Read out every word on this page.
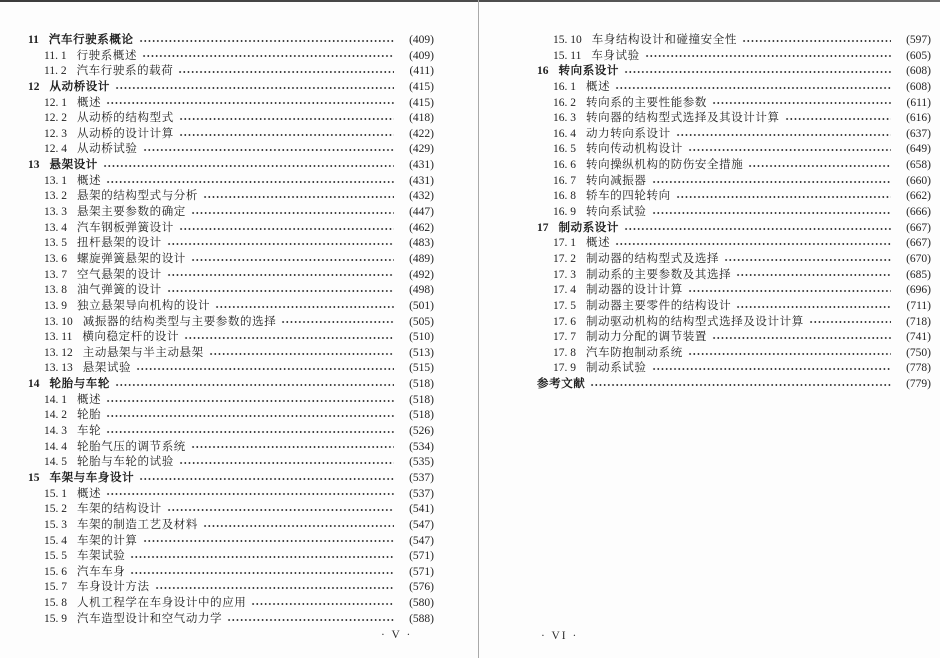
11 汽车行驶系概论	(409)
11. 1 行驶系概述	(409)
11. 2 汽车行驶系的载荷	(411)
12 从动桥设计	(415)
12. 1 概述	(415)
12. 2 从动桥的结构型式	(418)
12. 3 从动桥的设计计算	(422)
12. 4 从动桥试验	(429)
13 悬架设计	(431)
13. 1 概述	(431)
13. 2 悬架的结构型式与分析	(432)
13. 3 悬架主要参数的确定	(447)
13. 4 汽车钢板弹簧设计	(462)
13. 5 扭杆悬架的设计	(483)
13. 6 螺旋弹簧悬架的设计	(489)
13. 7 空气悬架的设计	(492)
13. 8 油气弹簧的设计	(498)
13. 9 独立悬架导向机构的设计	(501)
13. 10 减振器的结构类型与主要参数的选择	(505)
13. 11 横向稳定杆的设计	(510)
13. 12 主动悬架与半主动悬架	(513)
13. 13 悬架试验	(515)
14 轮胎与车轮	(518)
14. 1 概述	(518)
14. 2 轮胎	(518)
14. 3 车轮	(526)
14. 4 轮胎气压的调节系统	(534)
14. 5 轮胎与车轮的试验	(535)
15 车架与车身设计	(537)
15. 1 概述	(537)
15. 2 车架的结构设计	(541)
15. 3 车架的制造工艺及材料	(547)
15. 4 车架的计算	(547)
15. 5 车架试验	(571)
15. 6 汽车车身	(571)
15. 7 车身设计方法	(576)
15. 8 人机工程学在车身设计中的应用	(580)
15. 9 汽车造型设计和空气动力学	(588)
15. 10 车身结构设计和碰撞安全性	(597)
15. 11 车身试验	(605)
16 转向系设计	(608)
16. 1 概述	(608)
16. 2 转向系的主要性能参数	(611)
16. 3 转向器的结构型式选择及其设计计算	(616)
16. 4 动力转向系设计	(637)
16. 5 转向传动机构设计	(649)
16. 6 转向操纵机构的防伤安全措施	(658)
16. 7 转向减振器	(660)
16. 8 轿车的四轮转向	(662)
16. 9 转向系试验	(666)
17 制动系设计	(667)
17. 1 概述	(667)
17. 2 制动器的结构型式及选择	(670)
17. 3 制动系的主要参数及其选择	(685)
17. 4 制动器的设计计算	(696)
17. 5 制动器主要零件的结构设计	(711)
17. 6 制动驱动机构的结构型式选择及设计计算	(718)
17. 7 制动力分配的调节装置	(741)
17. 8 汽车防抱制动系统	(750)
17. 9 制动系试验	(778)
参考文献	(779)
· V ·	· VI ·
